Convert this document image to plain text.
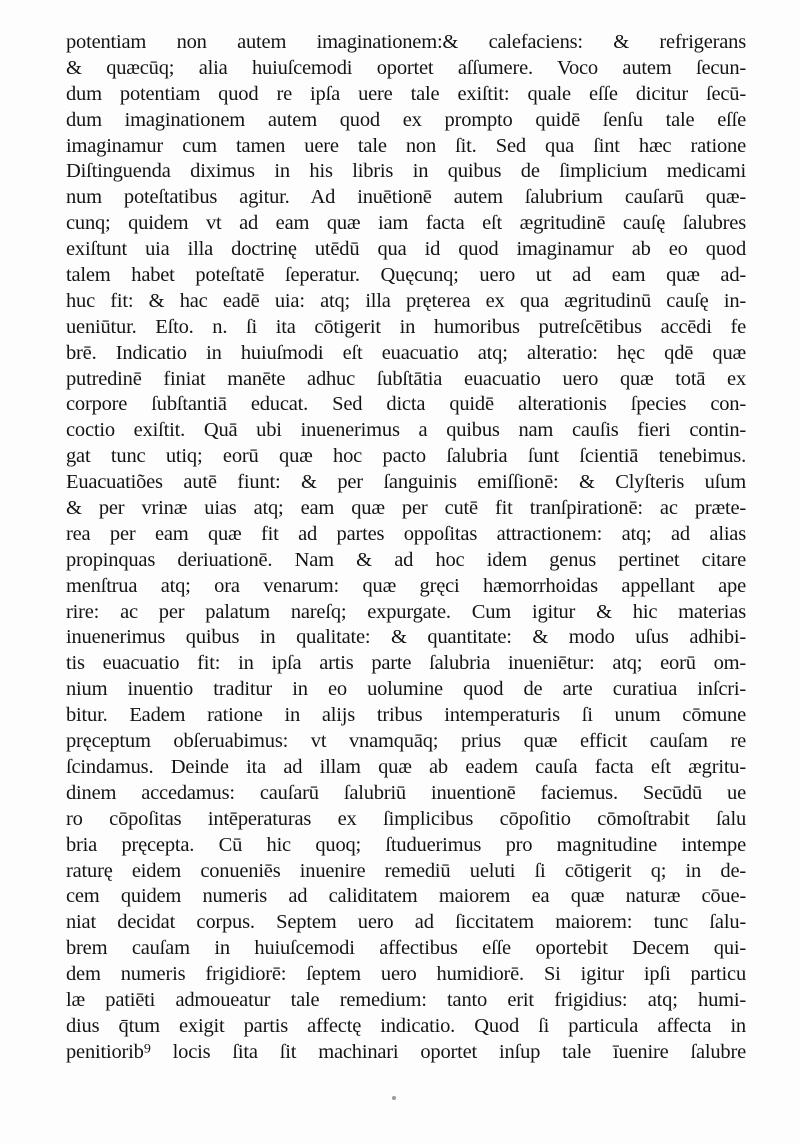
potentiam non autem imaginationem:& calefaciens: & refrigerans
& quæcūq; alia huiuſcemodi oportet aſſumere. Voco autem ſecun-
dum potentiam quod re ipſa uere tale exiſtit: quale eſſe dicitur ſecū-
dum imaginationem autem quod ex prompto quidē ſenſu tale eſſe
imaginamur cum tamen uere tale non ſit. Sed qua ſint hæc ratione
Diſtinguenda diximus in his libris in quibus de ſimplicium medicami
num poteſtatibus agitur. Ad inuētionē autem ſalubrium cauſarū quæ-
cunq; quidem vt ad eam quæ iam facta eſt ægritudinē cauſę ſalubres
exiſtunt uia illa doctrinę utēdū qua id quod imaginamur ab eo quod
talem habet poteſtatē ſeperatur. Quęcunq; uero ut ad eam quæ ad-
huc fit: & hac eadē uia: atq; illa pręterea ex qua ægritudinū cauſę in-
ueniūtur. Eſto. n. ſi ita cōtigerit in humoribus putreſcētibus accēdi fe
brē. Indicatio in huiuſmodi eſt euacuatio atq; alteratio: hęc qdē quæ
putredinē finiat manēte adhuc ſubſtātia euacuatio uero quæ totā ex
corpore ſubſtantiā educat. Sed dicta quidē alterationis ſpecies con-
coctio exiſtit. Quā ubi inuenerimus a quibus nam cauſis fieri contin-
gat tunc utiq; eorū quæ hoc pacto ſalubria ſunt ſcientiā tenebimus.
Euacuatiões autē fiunt: & per ſanguinis emiſſionē: & Clyſteris uſum
& per vrinæ uias atq; eam quæ per cutē fit tranſpirationē: ac præte-
rea per eam quæ fit ad partes oppoſitas attractionem: atq; ad alias
propinquas deriuationē. Nam & ad hoc idem genus pertinet citare
menſtrua atq; ora venarum: quæ gręci hæmorrhoidas appellant ape
rire: ac per palatum nareſq; expurgate. Cum igitur & hic materias
inuenerimus quibus in qualitate: & quantitate: & modo uſus adhibi-
tis euacuatio fit: in ipſa artis parte ſalubria inueniētur: atq; eorū om-
nium inuentio traditur in eo uolumine quod de arte curatiua inſcri-
bitur. Eadem ratione in alijs tribus intemperaturis ſi unum cōmune
pręceptum obſeruabimus: vt vnamquāq; prius quæ efficit cauſam re
ſcindamus. Deinde ita ad illam quæ ab eadem cauſa facta eſt ægritu-
dinem accedamus: cauſarū ſalubriū inuentionē faciemus. Secūdū ue
ro cōpoſitas intēperaturas ex ſimplicibus cōpoſitio cōmoſtrabit ſalu
bria pręcepta. Cū hic quoq; ſtuduerimus pro magnitudine intempe
raturę eidem conueniēs inuenire remediū ueluti ſi cōtigerit q; in de-
cem quidem numeris ad caliditatem maiorem ea quæ naturæ cōue-
niat decidat corpus. Septem uero ad ſiccitatem maiorem: tunc ſalu-
brem cauſam in huiuſcemodi affectibus eſſe oportebit Decem qui-
dem numeris frigidiorē: ſeptem uero humidiorē. Si igitur ipſi particu
læ patiēti admoueatur tale remedium: tanto erit frigidius: atq; humi-
dius q̄tum exigit partis affectę indicatio. Quod ſi particula affecta in
penitiorib⁹ locis ſita ſit machinari oportet inſup tale īuenire ſalubre
